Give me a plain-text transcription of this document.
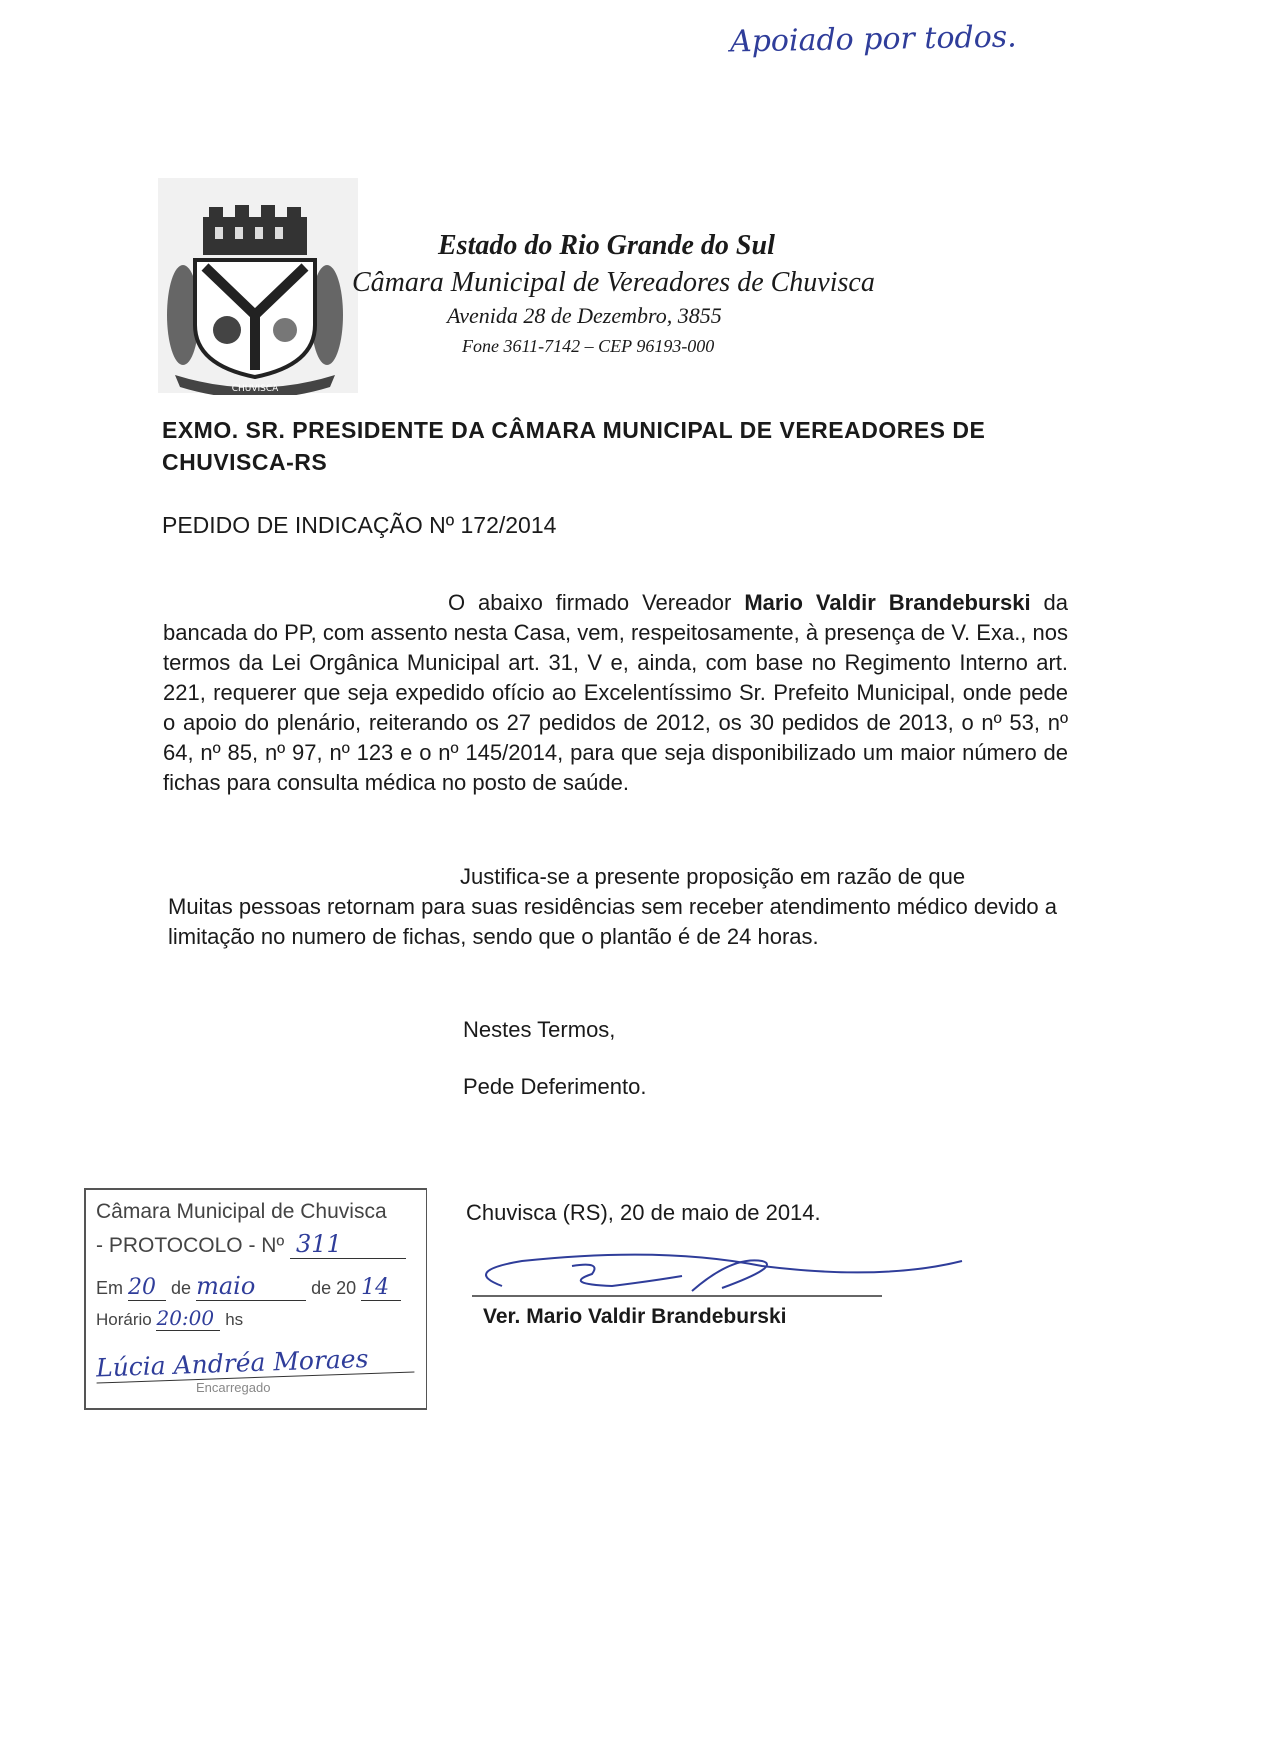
Apoiado por todos.
CHUVISCA
Estado do Rio Grande do Sul
Câmara Municipal de Vereadores de Chuvisca
Avenida 28 de Dezembro, 3855
Fone 3611-7142 – CEP 96193-000
EXMO. SR. PRESIDENTE DA CÂMARA MUNICIPAL DE VEREADORES DE
CHUVISCA-RS
PEDIDO DE INDICAÇÃO Nº 172/2014

O abaixo firmado Vereador Mario Valdir Brandeburski da bancada do PP, com assento nesta Casa, vem, respeitosamente, à presença de V. Exa., nos termos da Lei Orgânica Municipal art. 31, V e, ainda, com base no Regimento Interno art. 221, requerer que seja expedido ofício ao Excelentíssimo Sr. Prefeito Municipal, onde pede o apoio do plenário, reiterando os 27 pedidos de 2012, os 30 pedidos de 2013, o nº 53, nº 64, nº 85, nº 97, nº 123 e o nº 145/2014, para que seja disponibilizado um maior número de fichas para consulta médica no posto de saúde.

Justifica-se a presente proposição em razão de que

Muitas pessoas retornam para suas residências sem receber atendimento médico devido a limitação no numero de fichas, sendo que o plantão é de 24 horas.

Nestes Termos,
Pede Deferimento.
Chuvisca (RS), 20 de maio de 2014.
Ver. Mario Valdir Brandeburski
Câmara Municipal de Chuvisca
- PROTOCOLO - Nº 311
Em 20 de maio	de 20 14
Horário 20:00 hs
Lúcia Andréa Moraes
Encarregado
